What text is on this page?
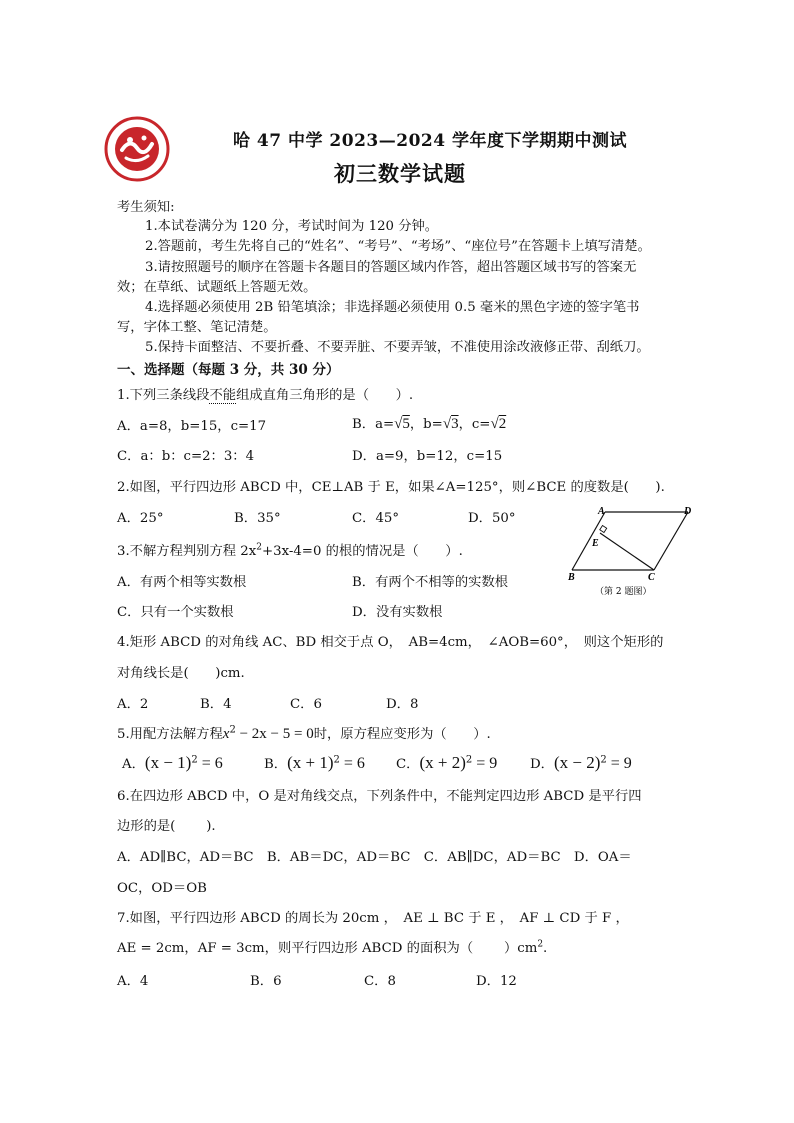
哈 47 中学 2023—2024 学年度下学期期中测试
初三数学试题
考生须知:
1.本试卷满分为 120 分，考试时间为 120 分钟。
2.答题前，考生先将自己的“姓名”、“考号”、“考场”、“座位号”在答题卡上填写清楚。
3.请按照题号的顺序在答题卡各题目的答题区域内作答，超出答题区域书写的答案无
效；在草纸、试题纸上答题无效。
4.选择题必须使用 2B 铅笔填涂；非选择题必须使用 0.5 毫米的黑色字迹的签字笔书
写，字体工整、笔记清楚。
5.保持卡面整洁、不要折叠、不要弄脏、不要弄皱，不准使用涂改液修正带、刮纸刀。
一、选择题（每题 3 分，共 30 分）
1.下列三条线段不能组成直角三角形的是（　　）.
A．a=8，b=15，c=17	B．a=√5，b=√3，c=√2
C．a：b：c=2：3：4	D．a=9，b=12，c=15
2.如图，平行四边形 ABCD 中，CE⊥AB 于 E，如果∠A=125°，则∠BCE 的度数是(　　).
A．25°	B．35°	C．45°	D．50°	A	D
E
B	C
（第 2 题图）
3.不解方程判别方程 $2x^2+3x-4=0$ 的根的情况是（　　）.
A．有两个相等实数根	B．有两个不相等的实数根
C．只有一个实数根	D．没有实数根
4.矩形 ABCD 的对角线 AC、BD 相交于点 O，　AB=4cm，　∠AOB=60°，　则这个矩形的
对角线长是(　　)cm.
A．2	B．4	C．6	D．8
5.用配方法解方程$x^2 - 2x - 5 = 0$时，原方程应变形为（　　）.
A．$(x - 1)^2 = 6$	B．$(x + 1)^2 = 6$ C．$(x + 2)^2 = 9$ D．$(x - 2)^2 = 9$
6.在四边形 ABCD 中，O 是对角线交点，下列条件中，不能判定四边形 ABCD 是平行四
边形的是(　　 ).
A．AD∥BC，AD＝BC　B．AB＝DC，AD＝BC　C．AB∥DC，AD＝BC　D．OA＝
OC，OD＝OB
7.如图，平行四边形 ABCD 的周长为 20cm ，　AE ⊥ BC 于 E ，　AF ⊥ CD 于 F ，
AE = 2cm，AF = 3cm，则平行四边形 ABCD 的面积为（　　 ）$cm^2$.
A．4	B．6	C．8	D．12
